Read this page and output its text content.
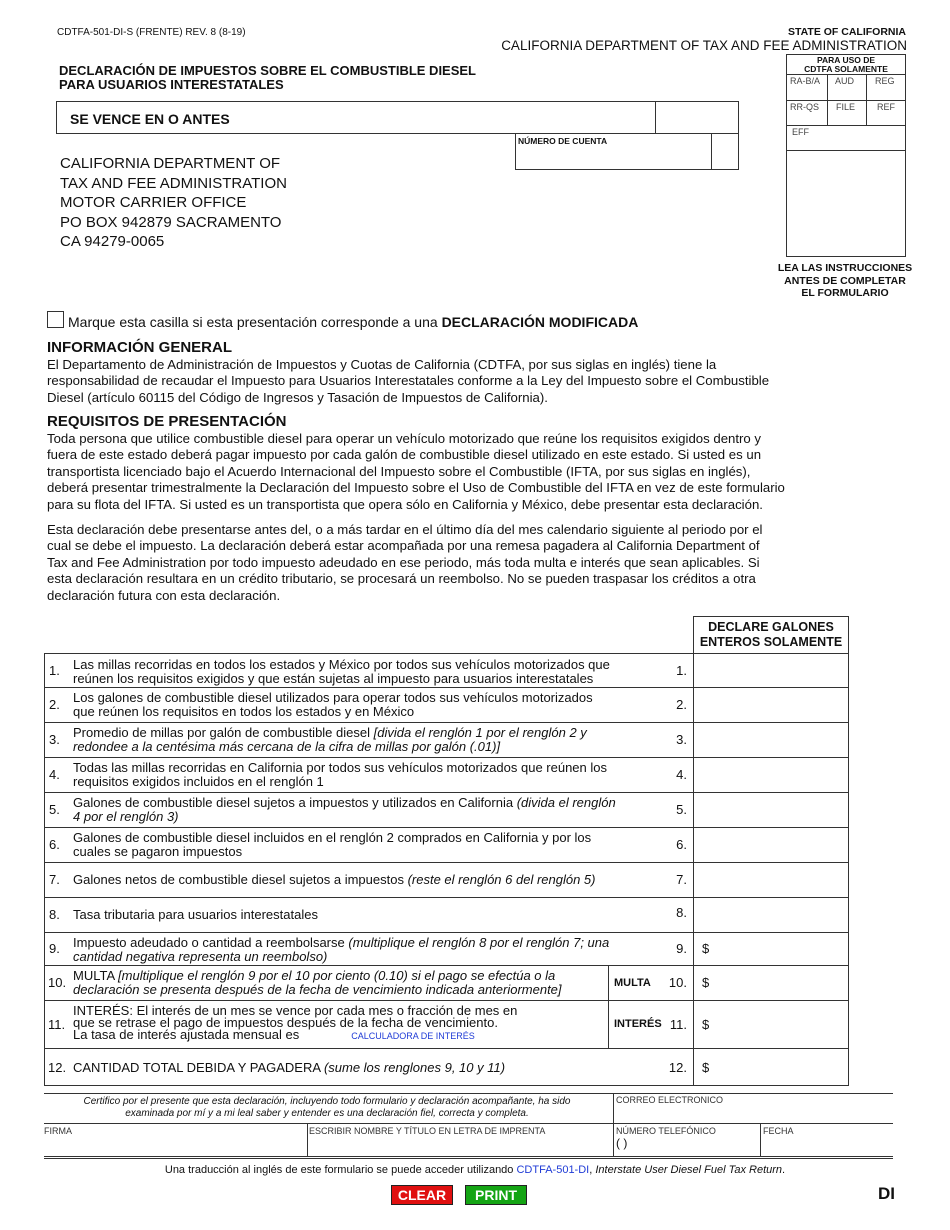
CDTFA-501-DI-S (FRENTE) REV. 8 (8-19)	STATE OF CALIFORNIA
CALIFORNIA DEPARTMENT OF TAX AND FEE ADMINISTRATION
DECLARACIÓN DE IMPUESTOS SOBRE EL COMBUSTIBLE DIESEL
PARA USUARIOS INTERESTATALES
SE VENCE EN O ANTES
NÚMERO DE CUENTA
CALIFORNIA DEPARTMENT OF
TAX AND FEE ADMINISTRATION
MOTOR CARRIER OFFICE
PO BOX 942879 SACRAMENTO
CA 94279-0065
PARA USO DE
CDTFA SOLAMENTE
RA-B/A AUD REG
RR-QS FILE REF
EFF
LEA LAS INSTRUCCIONES
ANTES DE COMPLETAR
EL FORMULARIO
Marque esta casilla si esta presentación corresponde a una DECLARACIÓN MODIFICADA
INFORMACIÓN GENERAL
El Departamento de Administración de Impuestos y Cuotas de California (CDTFA, por sus siglas en inglés) tiene la
responsabilidad de recaudar el Impuesto para Usuarios Interestatales conforme a la Ley del Impuesto sobre el Combustible
Diesel (artículo 60115 del Código de Ingresos y Tasación de Impuestos de California).
REQUISITOS DE PRESENTACIÓN
Toda persona que utilice combustible diesel para operar un vehículo motorizado que reúne los requisitos exigidos dentro y
fuera de este estado deberá pagar impuesto por cada galón de combustible diesel utilizado en este estado. Si usted es un
transportista licenciado bajo el Acuerdo Internacional del Impuesto sobre el Combustible (IFTA, por sus siglas en inglés),
deberá presentar trimestralmente la Declaración del Impuesto sobre el Uso de Combustible del IFTA en vez de este formulario
para su flota del IFTA. Si usted es un transportista que opera sólo en California y México, debe presentar esta declaración.
Esta declaración debe presentarse antes del, o a más tardar en el último día del mes calendario siguiente al periodo por el
cual se debe el impuesto. La declaración deberá estar acompañada por una remesa pagadera al California Department of
Tax and Fee Administration por todo impuesto adeudado en ese periodo, más toda multa e interés que sean aplicables. Si
esta declaración resultara en un crédito tributario, se procesará un reembolso. No se pueden traspasar los créditos a otra
declaración futura con esta declaración.
DECLARE GALONES
ENTEROS SOLAMENTE
1. Las millas recorridas en todos los estados y México por todos sus vehículos motorizados que
reúnen los requisitos exigidos y que están sujetas al impuesto para usuarios interestatales	1.
2. Los galones de combustible diesel utilizados para operar todos sus vehículos motorizados
que reúnen los requisitos en todos los estados y en México	2.
3. Promedio de millas por galón de combustible diesel [divida el renglón 1 por el renglón 2 y
redondee a la centésima más cercana de la cifra de millas por galón (.01)]	3.
4. Todas las millas recorridas en California por todos sus vehículos motorizados que reúnen los
requisitos exigidos incluidos en el renglón 1	4.
5. Galones de combustible diesel sujetos a impuestos y utilizados en California (divida el renglón
4 por el renglón 3)	5.
6. Galones de combustible diesel incluidos en el renglón 2 comprados en California y por los
cuales se pagaron impuestos	6.
7. Galones netos de combustible diesel sujetos a impuestos (reste el renglón 6 del renglón 5)	7.
8. Tasa tributaria para usuarios interestatales	8.
9. Impuesto adeudado o cantidad a reembolsarse (multiplique el renglón 8 por el renglón 7; una
cantidad negativa representa un reembolso)	9. $
10. MULTA [multiplique el renglón 9 por el 10 por ciento (0.10) si el pago se efectúa o la
declaración se presenta después de la fecha de vencimiento indicada anteriormente]	MULTA 10. $
11.
INTERÉS: El interés de un mes se vence por cada mes o fracción de mes en
que se retrase el pago de impuestos después de la fecha de vencimiento.
La tasa de interés ajustada mensual es	CALCULADORA DE INTERÉS
INTERÉS 11. $
12. CANTIDAD TOTAL DEBIDA Y PAGADERA (sume los renglones 9, 10 y 11)	12. $
Certifico por el presente que esta declaración, incluyendo todo formulario y declaración acompañante, ha sido
examinada por mí y a mi leal saber y entender es una declaración fiel, correcta y completa.
CORREO ELECTRONICO
FIRMA	ESCRIBIR NOMBRE Y TÍTULO EN LETRA DE IMPRENTA	NÚMERO TELEFÓNICO
( )
FECHA
Una traducción al inglés de este formulario se puede acceder utilizando CDTFA-501-DI, Interstate User Diesel Fuel Tax Return.
CLEAR	PRINT	DI
